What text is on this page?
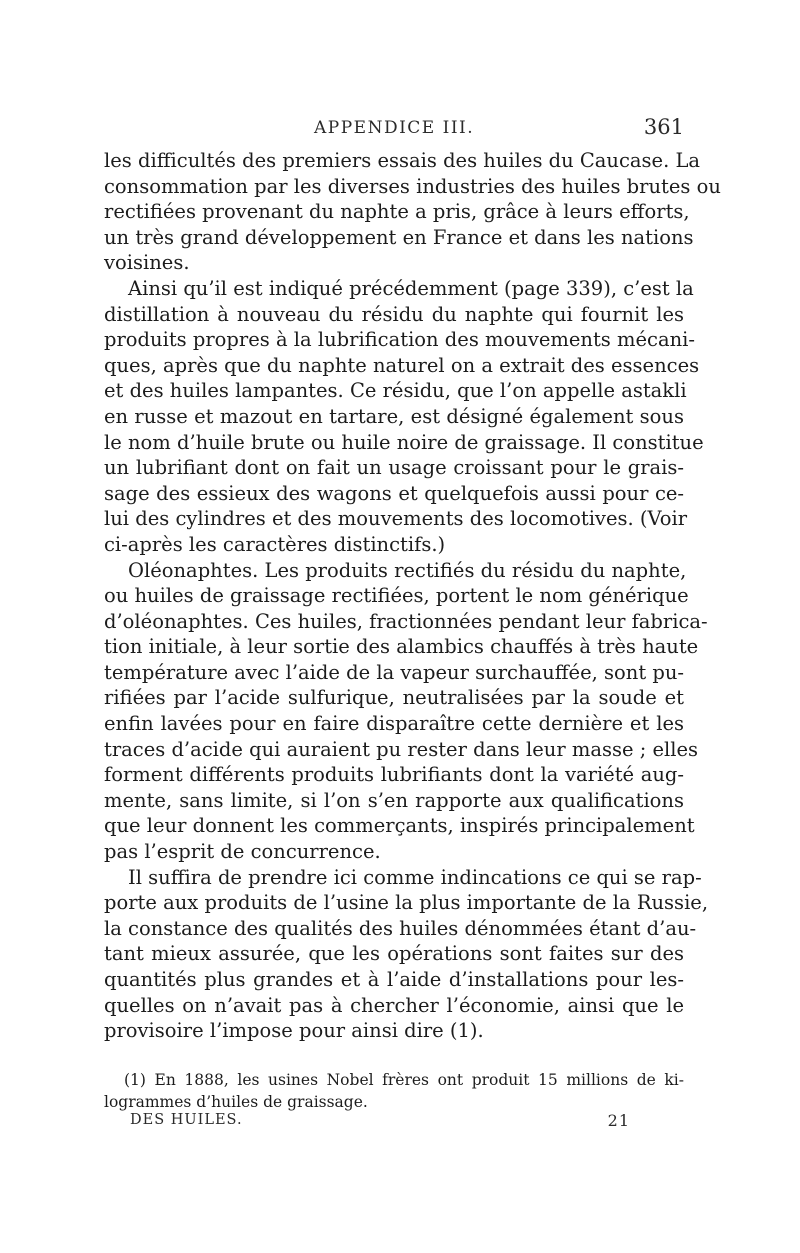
APPENDICE III.	361
les difficultés des premiers essais des huiles du Caucase. La
consommation par les diverses industries des huiles brutes ou
rectifiées provenant du naphte a pris, grâce à leurs efforts,
un très grand développement en France et dans les nations
voisines.
Ainsi qu’il est indiqué précédemment (page 339), c’est la
distillation à nouveau du résidu du naphte qui fournit les
produits propres à la lubrification des mouvements mécani-
ques, après que du naphte naturel on a extrait des essences
et des huiles lampantes. Ce résidu, que l’on appelle astakli
en russe et mazout en tartare, est désigné également sous
le nom d’huile brute ou huile noire de graissage. Il constitue
un lubrifiant dont on fait un usage croissant pour le grais-
sage des essieux des wagons et quelquefois aussi pour ce-
lui des cylindres et des mouvements des locomotives. (Voir
ci-après les caractères distinctifs.)
Oléonaphtes. Les produits rectifiés du résidu du naphte,
ou huiles de graissage rectifiées, portent le nom générique
d’oléonaphtes. Ces huiles, fractionnées pendant leur fabrica-
tion initiale, à leur sortie des alambics chauffés à très haute
température avec l’aide de la vapeur surchauffée, sont pu-
rifiées par l’acide sulfurique, neutralisées par la soude et
enfin lavées pour en faire disparaître cette dernière et les
traces d’acide qui auraient pu rester dans leur masse ; elles
forment différents produits lubrifiants dont la variété aug-
mente, sans limite, si l’on s’en rapporte aux qualifications
que leur donnent les commerçants, inspirés principalement
pas l’esprit de concurrence.
Il suffira de prendre ici comme indincations ce qui se rap-
porte aux produits de l’usine la plus importante de la Russie,
la constance des qualités des huiles dénommées étant d’au-
tant mieux assurée, que les opérations sont faites sur des
quantités plus grandes et à l’aide d’installations pour les-
quelles on n’avait pas à chercher l’économie, ainsi que le
provisoire l’impose pour ainsi dire (1).
(1) En 1888, les usines Nobel frères ont produit 15 millions de ki-
logrammes d’huiles de graissage.
DES HUILES.	21
